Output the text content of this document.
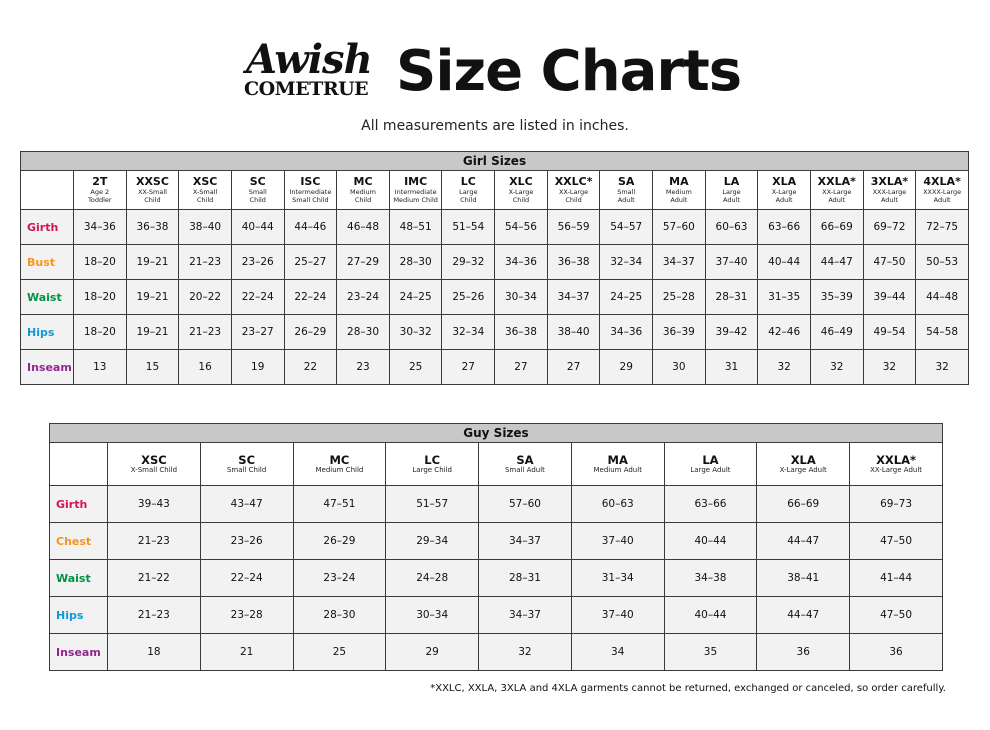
Awish
COMETRUE Size Charts
All measurements are listed in inches.
Girl Sizes																	

	2T
Age 2
Toddler	XXSC
XX-Small
Child	XSC
X-Small
Child	SC
Small
Child	ISC
Intermediate
Small Child	MC
Medium
Child	IMC
Intermediate
Medium Child	LC
Large
Child	XLC
X-Large
Child	XXLC*
XX-Large
Child	SA
Small
Adult	MA
Medium
Adult	LA
Large
Adult	XLA
X-Large
Adult	XXLA*
XX-Large
Adult	3XLA*
XXX-Large
Adult	4XLA*
XXXX-Large
Adult

Girth	34–36	36–38	38–40	40–44	44–46	46–48	48–51	51–54	54–56	56–59	54–57	57–60	60–63	63–66	66–69	69–72	72–75
Bust	18–20	19–21	21–23	23–26	25–27	27–29	28–30	29–32	34–36	36–38	32–34	34–37	37–40	40–44	44–47	47–50	50–53
Waist	18–20	19–21	20–22	22–24	22–24	23–24	24–25	25–26	30–34	34–37	24–25	25–28	28–31	31–35	35–39	39–44	44–48
Hips	18–20	19–21	21–23	23–27	26–29	28–30	30–32	32–34	36–38	38–40	34–36	36–39	39–42	42–46	46–49	49–54	54–58
Inseam	13	15	16	19	22	23	25	27	27	27	29	30	31	32	32	32	32
Guy Sizes									

	XSC
X-Small Child	SC
Small Child	MC
Medium Child	LC
Large Child	SA
Small Adult	MA
Medium Adult	LA
Large Adult	XLA
X-Large Adult	XXLA*
XX-Large Adult

Girth	39–43	43–47	47–51	51–57	57–60	60–63	63–66	66–69	69–73
Chest	21–23	23–26	26–29	29–34	34–37	37–40	40–44	44–47	47–50
Waist	21–22	22–24	23–24	24–28	28–31	31–34	34–38	38–41	41–44
Hips	21–23	23–28	28–30	30–34	34–37	37–40	40–44	44–47	47–50
Inseam	18	21	25	29	32	34	35	36	36
*XXLC, XXLA, 3XLA and 4XLA garments cannot be returned, exchanged or canceled, so order carefully.
